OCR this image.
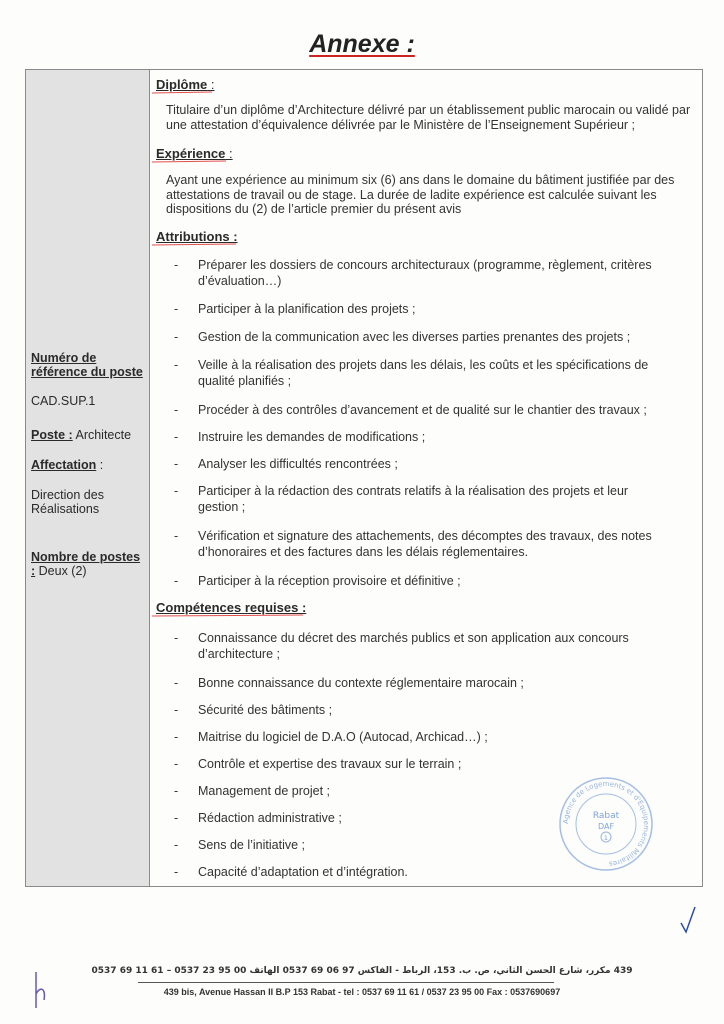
Annexe :
Numéro de référence du poste
CAD.SUP.1
Poste : Architecte
Affectation :
Direction des Réalisations
Nombre de postes : Deux (2)
Diplôme :
Titulaire d’un diplôme d’Architecture délivré par un établissement public marocain ou validé par une attestation d’équivalence délivrée par le Ministère de l’Enseignement Supérieur ;
Expérience :
Ayant une expérience au minimum six (6) ans dans le domaine du bâtiment justifiée par des attestations de travail ou de stage. La durée de ladite expérience est calculée suivant les dispositions du (2) de l’article premier du présent avis
Attributions :
- Préparer les dossiers de concours architecturaux (programme, règlement, critères d’évaluation…)
- Participer à la planification des projets ;
- Gestion de la communication avec les diverses parties prenantes des projets ;
- Veille à la réalisation des projets dans les délais, les coûts et les spécifications de qualité planifiés ;
- Procéder à des contrôles d’avancement et de qualité sur le chantier des travaux ;
- Instruire les demandes de modifications ;
- Analyser les difficultés rencontrées ;
- Participer à la rédaction des contrats relatifs à la réalisation des projets et leur gestion ;
- Vérification et signature des attachements, des décomptes des travaux, des notes d’honoraires et des factures dans les délais réglementaires.
- Participer à la réception provisoire et définitive ;
Compétences requises :
- Connaissance du décret des marchés publics et son application aux concours d’architecture ;
- Bonne connaissance du contexte réglementaire marocain ;
- Sécurité des bâtiments ;
- Maitrise du logiciel de D.A.O (Autocad, Archicad…) ;
- Contrôle et expertise des travaux sur le terrain ;
- Management de projet ;
- Rédaction administrative ;
- Sens de l’initiative ;
- Capacité d’adaptation et d’intégration.
Agence de Logements et d'Equipements Militaires
Rabat
DAF
1
439 مكرر، شارع الحسن الثاني، ص. ب. 153، الرباط - الفاكس 97 06 69 0537 الهاتف 00 95 23 0537 – 61 11 69 0537
439 bis, Avenue Hassan II B.P 153 Rabat - tel : 0537 69 11 61 / 0537 23 95 00 Fax : 0537690697
